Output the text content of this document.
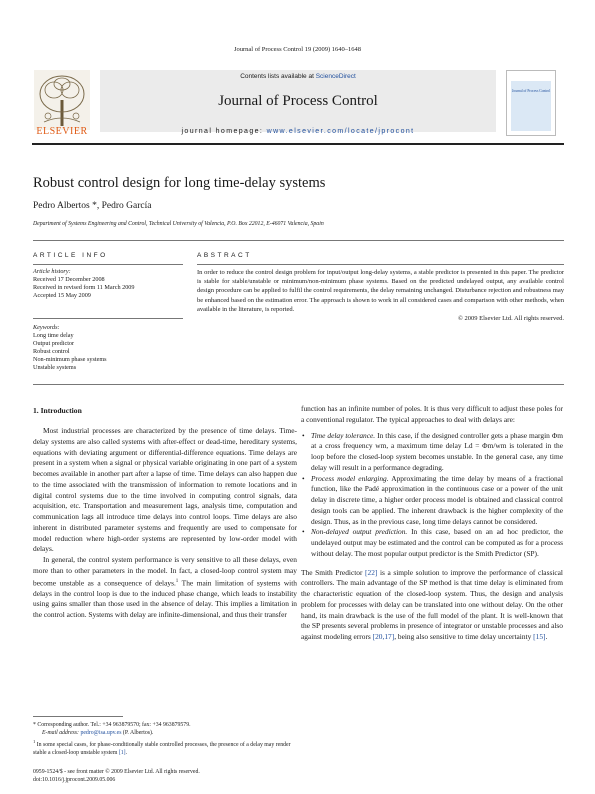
Journal of Process Control 19 (2009) 1640–1648
Contents lists available at ScienceDirect
Journal of Process Control
journal homepage: www.elsevier.com/locate/jprocont
ELSEVIER
Journal of Process Control
Robust control design for long time-delay systems
Pedro Albertos *, Pedro García
Department of Systems Engineering and Control, Technical University of Valencia, P.O. Box 22012, E-46071 Valencia, Spain
ARTICLE INFO
Article history:
Received 17 December 2008
Received in revised form 11 March 2009
Accepted 15 May 2009
Keywords:
Long time delay
Output predictor
Robust control
Non-minimum phase systems
Unstable systems
ABSTRACT
In order to reduce the control design problem for input/output long-delay systems, a stable predictor is presented in this paper. The predictor is stable for stable/unstable or minimum/non-minimum phase systems. Based on the predicted undelayed output, any available control design procedure can be applied to fulfil the control requirements, the delay remaining unchanged. Disturbance rejection and robustness may be enhanced based on the estimation error. The approach is shown to work in all considered cases and comparison with other methods, when available in the literature, is reported.
© 2009 Elsevier Ltd. All rights reserved.
1. Introduction

Most industrial processes are characterized by the presence of time delays. Time-delay systems are also called systems with after-effect or dead-time, hereditary systems, equations with deviating argument or differential-difference equations. Time delays are present in a system when a signal or physical variable originating in one part of a system becomes available in another part after a lapse of time. Time delays can also happen due to the time associated with the transmission of information to remote locations and in digital control systems due to the time involved in computing control signals, data acquisition, etc. Transportation and measurement lags, analysis time, computation and communication lags all introduce time delays into control loops. Time delays are also inherent in distributed parameter systems and frequently are used to compensate for model reduction where high-order systems are represented by low-order model with delays.

In general, the control system performance is very sensitive to all these delays, even more than to other parameters in the model. In fact, a closed-loop control system may become unstable as a consequence of delays.$^1$ The main limitation of systems with delays in the control loop is due to the induced phase change, which leads to instability using gains smaller than those used in the absence of delay. This implies a limitation in the control action. Systems with delay are infinite-dimensional, and thus their transfer

function has an infinite number of poles. It is thus very difficult to adjust these poles for a conventional regulator. The typical approaches to deal with delays are:

• Time delay tolerance. In this case, if the designed controller gets a phase margin Φm at a cross frequency wm, a maximum time delay Ld = Φm/wm is tolerated in the loop before the closed-loop system becomes unstable. In the general case, any time delay will result in a performance degrading.
• Process model enlarging. Approximating the time delay by means of a fractional function, like the Padé approximation in the continuous case or a power of the unit delay in discrete time, a higher order process model is obtained and classical control design tools can be applied. The inherent drawback is the higher complexity of the design. Thus, as in the previous case, long time delays cannot be considered.
• Non-delayed output prediction. In this case, based on an ad hoc predictor, the undelayed output may be estimated and the control can be computed as for a process without delay. The most popular output predictor is the Smith Predictor (SP).

The Smith Predictor [22] is a simple solution to improve the performance of classical controllers. The main advantage of the SP method is that time delay is eliminated from the characteristic equation of the closed-loop system. Thus, the design and analysis problem for processes with delay can be translated into one without delay. On the other hand, its main drawback is the use of the full model of the plant. It is well-known that the SP presents several problems in presence of integrator or unstable processes and also against modeling errors [20,17], being also sensitive to time delay uncertainty [15].

* Corresponding author. Tel.: +34 963879570; fax: +34 963879579.
E-mail address: pedro@isa.upv.es (P. Albertos).
$^1$ In some special cases, for phase-conditionally stable controlled processes, the presence of a delay may render stable a closed-loop unstable system [1].
0959-1524/$ - see front matter © 2009 Elsevier Ltd. All rights reserved.
doi:10.1016/j.jprocont.2009.05.006
